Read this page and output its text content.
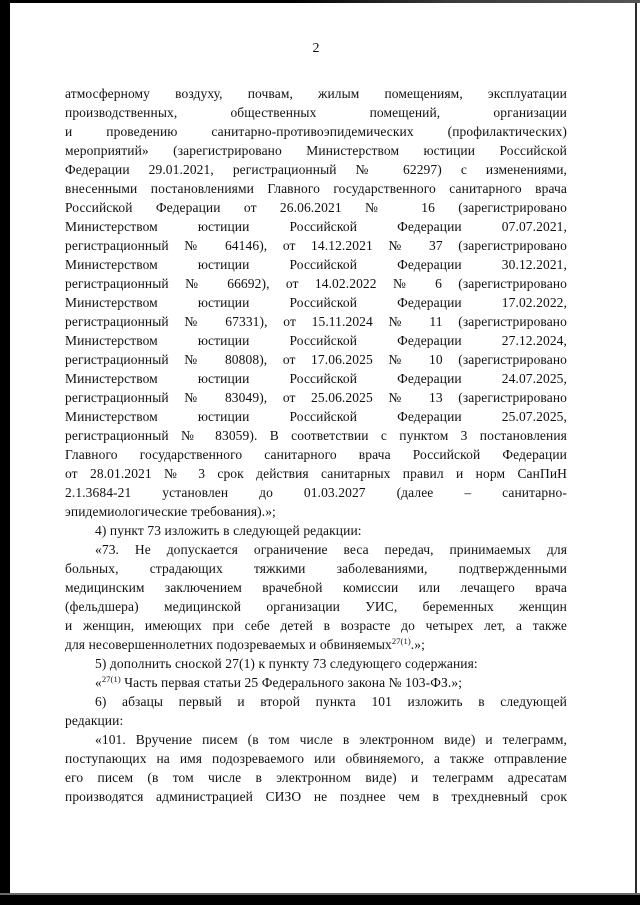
2
атмосферному воздуху, почвам, жилым помещениям, эксплуатации
производственных, общественных помещений, организации
и проведению санитарно-противоэпидемических (профилактических)
мероприятий» (зарегистрировано Министерством юстиции Российской
Федерации 29.01.2021, регистрационный № 62297) с изменениями,
внесенными постановлениями Главного государственного санитарного врача
Российской Федерации от 26.06.2021 № 16 (зарегистрировано
Министерством юстиции Российской Федерации 07.07.2021,
регистрационный № 64146), от 14.12.2021 № 37 (зарегистрировано
Министерством юстиции Российской Федерации 30.12.2021,
регистрационный № 66692), от 14.02.2022 № 6 (зарегистрировано
Министерством юстиции Российской Федерации 17.02.2022,
регистрационный № 67331), от 15.11.2024 № 11 (зарегистрировано
Министерством юстиции Российской Федерации 27.12.2024,
регистрационный № 80808), от 17.06.2025 № 10 (зарегистрировано
Министерством юстиции Российской Федерации 24.07.2025,
регистрационный № 83049), от 25.06.2025 № 13 (зарегистрировано
Министерством юстиции Российской Федерации 25.07.2025,
регистрационный № 83059). В соответствии с пунктом 3 постановления
Главного государственного санитарного врача Российской Федерации
от 28.01.2021 № 3 срок действия санитарных правил и норм СанПиН
2.1.3684-21 установлен до 01.03.2027 (далее – санитарно-
эпидемиологические требования).»;
4) пункт 73 изложить в следующей редакции:
«73. Не допускается ограничение веса передач, принимаемых для
больных, страдающих тяжкими заболеваниями, подтвержденными
медицинским заключением врачебной комиссии или лечащего врача
(фельдшера) медицинской организации УИС, беременных женщин
и женщин, имеющих при себе детей в возрасте до четырех лет, а также
для несовершеннолетних подозреваемых и обвиняемых$^{27(1)}$.»;
5) дополнить сноской 27(1) к пункту 73 следующего содержания:
«$^{27(1)}$ Часть первая статьи 25 Федерального закона № 103-ФЗ.»;
6) абзацы первый и второй пункта 101 изложить в следующей
редакции:
«101. Вручение писем (в том числе в электронном виде) и телеграмм,
поступающих на имя подозреваемого или обвиняемого, а также отправление
его писем (в том числе в электронном виде) и телеграмм адресатам
производятся администрацией СИЗО не позднее чем в трехдневный срок
